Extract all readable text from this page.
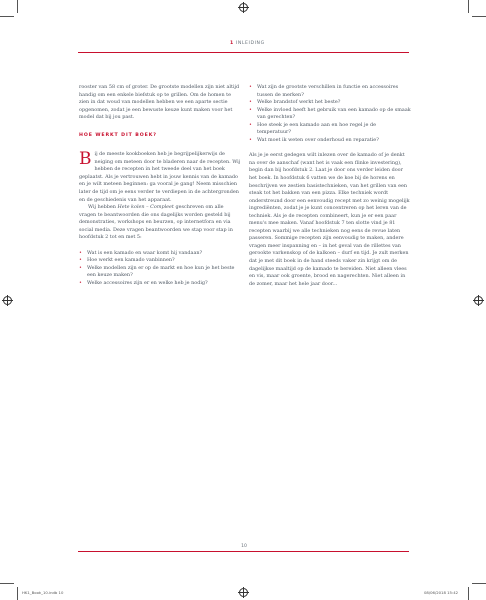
1 INLEIDING

rooster van 58 cm of groter. De grootste modellen zijn niet altijd handig om een enkele biefstuk op te grillen. Om de homen te zien in dat woud van modellen hebben we een aparte sectie opgenomen, zodat je een bewuste keuze kunt maken voor het model dat bij jou past.

HOE WERKT DIT BOEK?

Bij de meeste kookboeken heb je begrijpelijkerwijs de neiging om meteen door te bladeren naar de recepten. Wij hebben de recepten in het tweede deel van het boek geplaatst. Als je vertrouwen hebt in jouw kennis van de kamado en je wilt meteen beginnen: ga vooral je gang! Neem misschien later de tijd om je eens verder te verdiepen in de achtergronden en de geschiedenis van het apparaat.

Wij hebben Hete kolen – Compleet geschreven om alle vragen te beantwoorden die ons dagelijks worden gesteld bij demonstraties, workshops en beurzen, op internetfora en via social media. Deze vragen beantwoorden we stap voor stap in hoofdstuk 2 tot en met 5:

• Wat is een kamado en waar komt hij vandaan?
• Hoe werkt een kamado vanbinnen?
• Welke modellen zijn er op de markt en hoe kun je het beste een keuze maken?
• Welke accessoires zijn er en welke heb je nodig?
• Wat zijn de grootste verschillen in functie en accessoires tussen de merken?
• Welke brandstof werkt het beste?
• Welke invloed heeft het gebruik van een kamado op de smaak van gerechten?
• Hoe steek je een kamado aan en hoe regel je de temperatuur?
• Wat moet ik weten over onderhoud en reparatie?

Als je je eerst gedegen wilt inlezen over de kamado of je denkt na over de aanschaf (want het is vaak een flinke investering), begin dan bij hoofdstuk 2. Laat je door ons verder leiden door het boek. In hoofdstuk 6 vatten we de koe bij de horens en beschrijven we zestien basistechnieken, van het grillen van een steak tot het bakken van een pizza. Elke techniek wordt onderstreund door een eenvoudig recept met zo weinig mogelijk ingrediënten, zodat je je kunt concentreren op het leren van de techniek. Als je de recepten combineert, kun je er een paar menu's mee maken. Vanaf hoofdstuk 7 ten slotte vind je 81 recepten waarbij we alle technieken nog eens de revue laten passeren. Sommige recepten zijn eenvoudig te maken, andere vragen meer inspanning en – in het geval van de rillettes van gerookte varkenskop of de kalkoen – durf en tijd. Je zult merken dat je met dit boek in de hand steeds vaker zin krijgt om de dagelijkse maaltijd op de kamado te bereiden. Niet alleen vlees en vis, maar ook groente, brood en nagerechten. Niet alleen in de zomer, maar het hele jaar door...

10
HK1_Book_10.indb 10	08/06/2018 15:42
